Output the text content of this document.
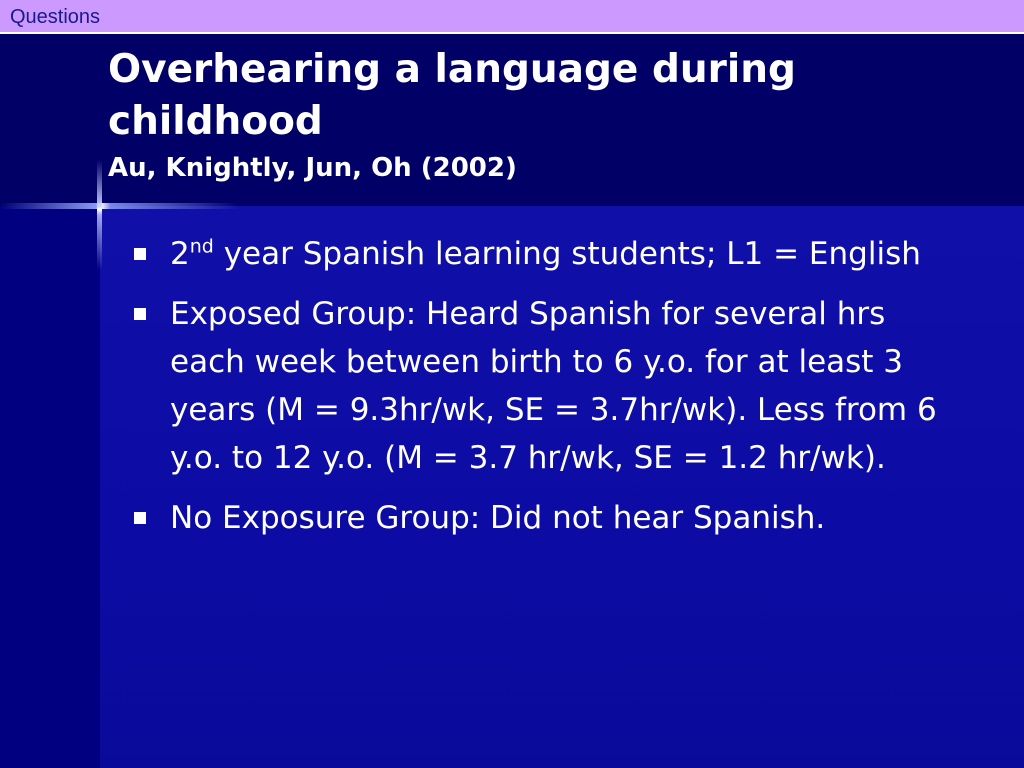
Questions
Overhearing a language during childhood
Au, Knightly, Jun, Oh (2002)
2nd year Spanish learning students; L1 = English
Exposed Group: Heard Spanish for several hrs each week between birth to 6 y.o. for at least 3 years (M = 9.3hr/wk, SE = 3.7hr/wk). Less from 6 y.o. to 12 y.o. (M = 3.7 hr/wk, SE = 1.2 hr/wk).
No Exposure Group: Did not hear Spanish.
